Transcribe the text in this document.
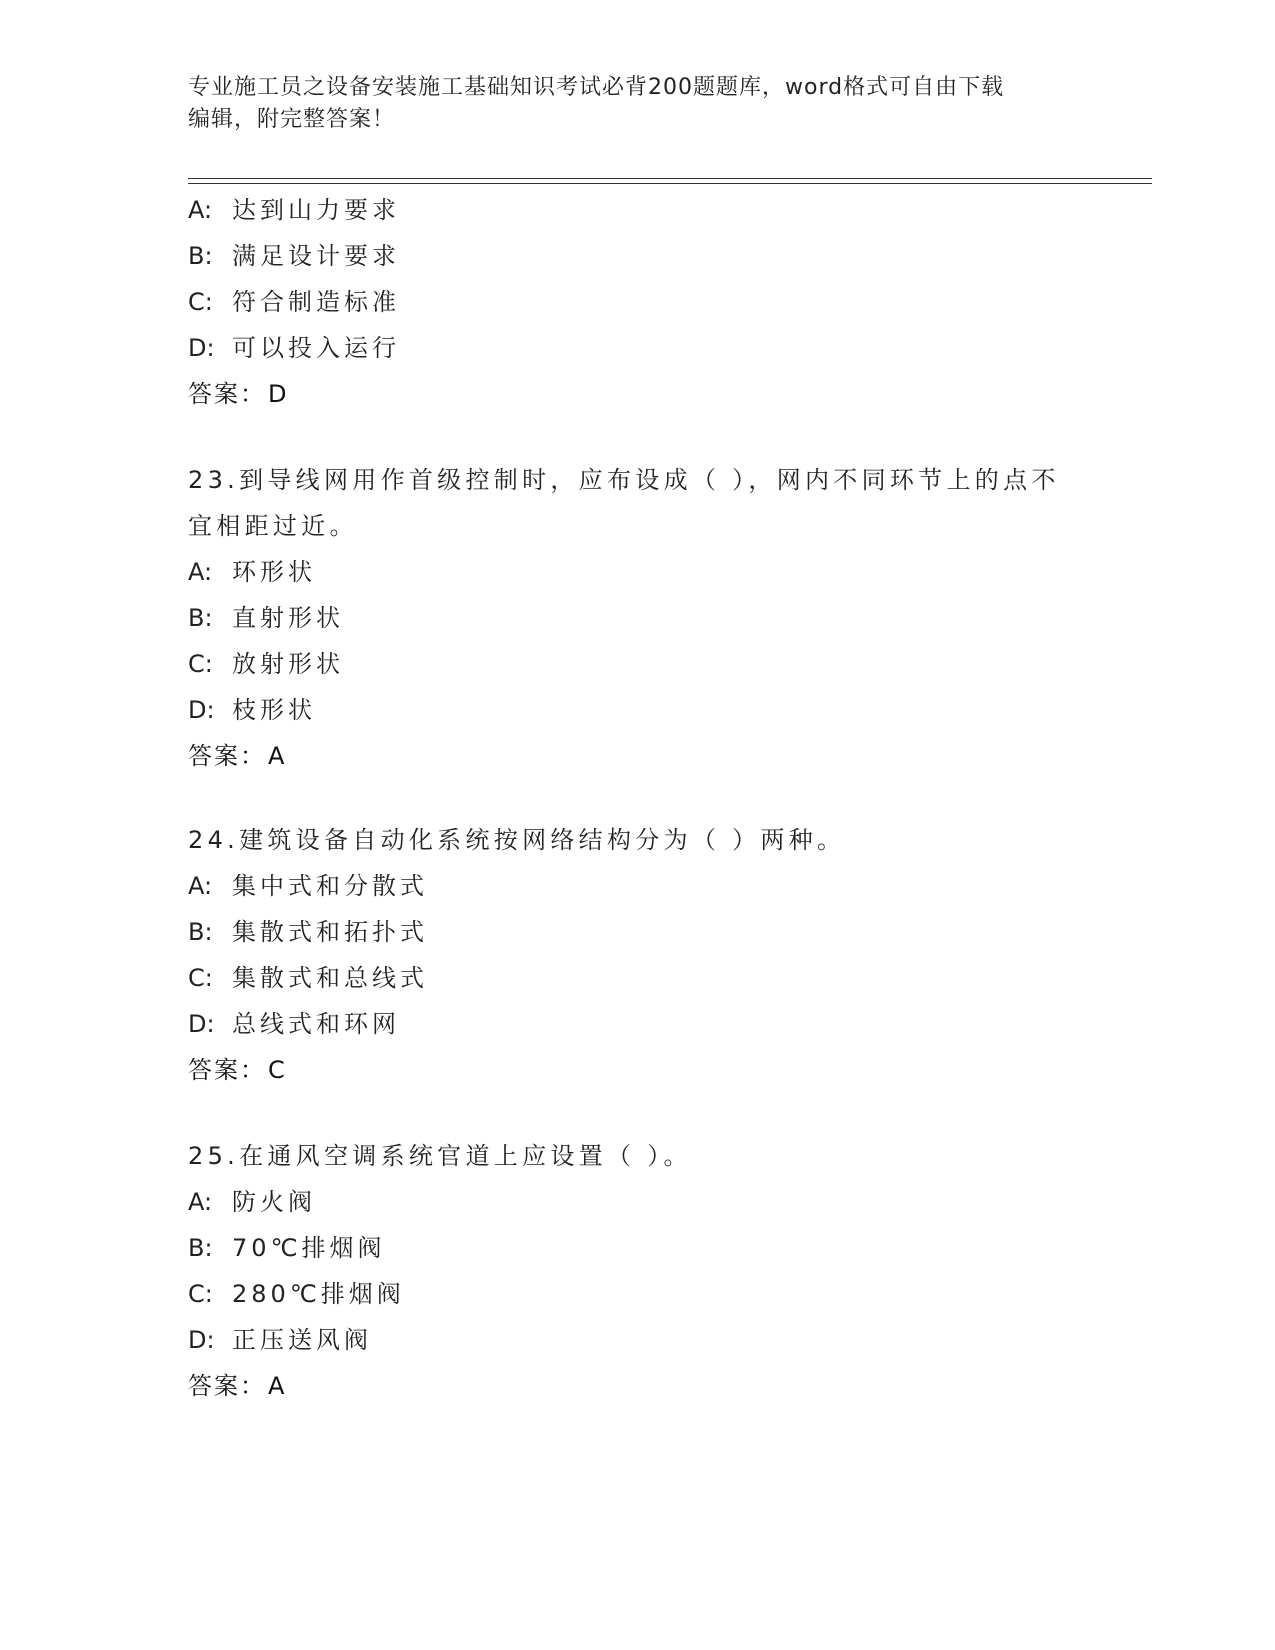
专业施工员之设备安装施工基础知识考试必背200题题库，word格式可自由下载
编辑，附完整答案！
A: 达到山力要求
B: 满足设计要求
C: 符合制造标准
D: 可以投入运行
答案：D
23.到导线网用作首级控制时，应布设成（ ），网内不同环节上的点不宜相距过近。
A: 环形状
B: 直射形状
C: 放射形状
D: 枝形状
答案：A
24.建筑设备自动化系统按网络结构分为（ ）两种。
A: 集中式和分散式
B: 集散式和拓扑式
C: 集散式和总线式
D: 总线式和环网
答案：C
25.在通风空调系统官道上应设置（ ）。
A: 防火阀
B: 70℃排烟阀
C: 280℃排烟阀
D: 正压送风阀
答案：A
